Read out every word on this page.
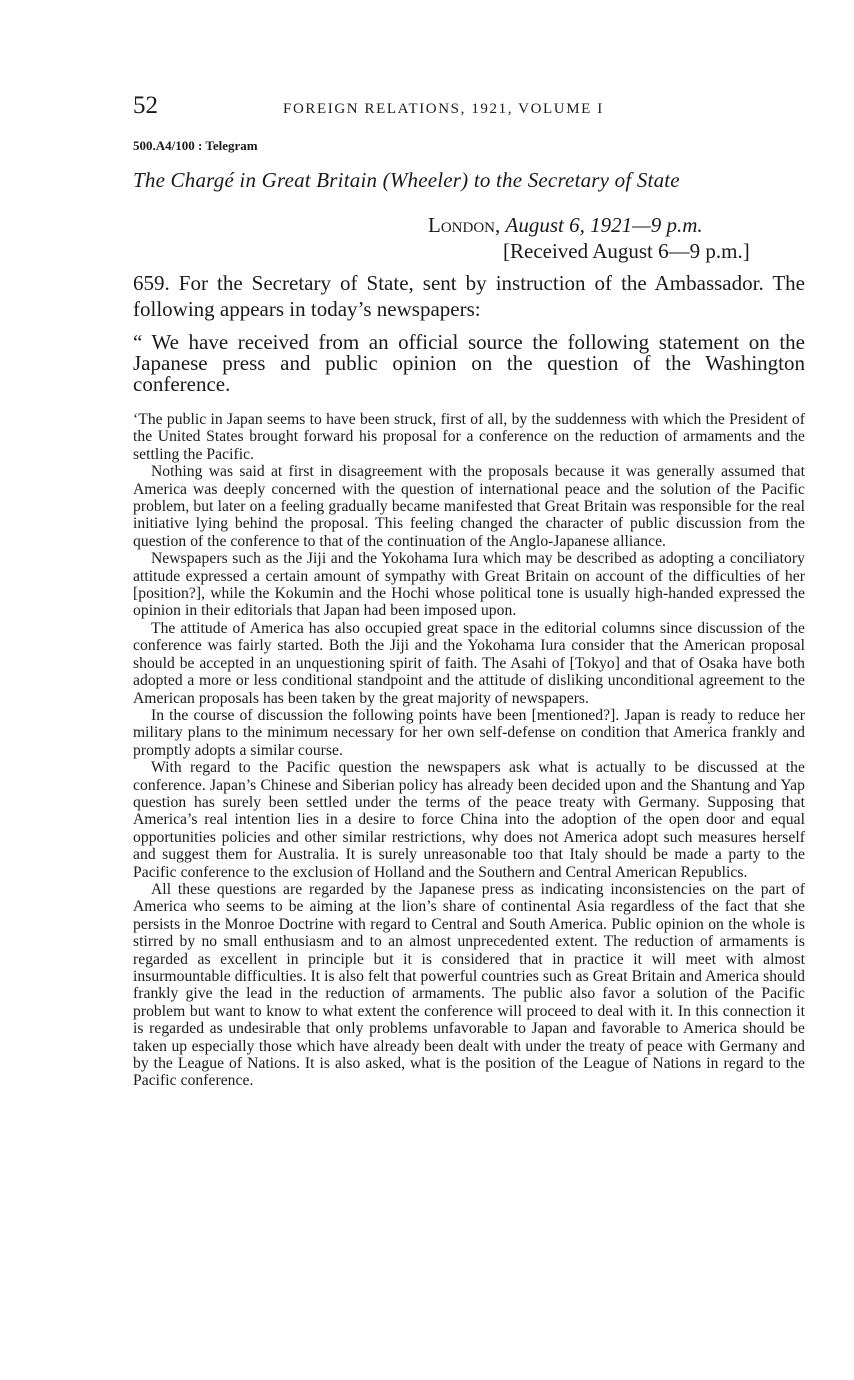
52	FOREIGN RELATIONS, 1921, VOLUME I
500.A4/100 : Telegram
The Chargé in Great Britain (Wheeler) to the Secretary of State
London, August 6, 1921—9 p.m.
[Received August 6—9 p.m.]

659. For the Secretary of State, sent by instruction of the Ambassador. The following appears in today’s newspapers:

“ We have received from an official source the following statement on the Japanese press and public opinion on the question of the Washington conference.

‘The public in Japan seems to have been struck, first of all, by the suddenness with which the President of the United States brought forward his proposal for a conference on the reduction of armaments and the settling the Pacific.

Nothing was said at first in disagreement with the proposals because it was generally assumed that America was deeply concerned with the question of international peace and the solution of the Pacific problem, but later on a feeling gradually became manifested that Great Britain was responsible for the real initiative lying behind the proposal. This feeling changed the character of public discussion from the question of the conference to that of the continuation of the Anglo-Japanese alliance.

Newspapers such as the Jiji and the Yokohama Iura which may be described as adopting a conciliatory attitude expressed a certain amount of sympathy with Great Britain on account of the difficulties of her [position?], while the Kokumin and the Hochi whose political tone is usually high-handed expressed the opinion in their editorials that Japan had been imposed upon.

The attitude of America has also occupied great space in the editorial columns since discussion of the conference was fairly started. Both the Jiji and the Yokohama Iura consider that the American proposal should be accepted in an unquestioning spirit of faith. The Asahi of [Tokyo] and that of Osaka have both adopted a more or less conditional standpoint and the attitude of disliking unconditional agreement to the American proposals has been taken by the great majority of newspapers.

In the course of discussion the following points have been [mentioned?]. Japan is ready to reduce her military plans to the minimum necessary for her own self-defense on condition that America frankly and promptly adopts a similar course.

With regard to the Pacific question the newspapers ask what is actually to be discussed at the conference. Japan’s Chinese and Siberian policy has already been decided upon and the Shantung and Yap question has surely been settled under the terms of the peace treaty with Germany. Supposing that America’s real intention lies in a desire to force China into the adoption of the open door and equal opportunities policies and other similar restrictions, why does not America adopt such measures herself and suggest them for Australia. It is surely unreasonable too that Italy should be made a party to the Pacific conference to the exclusion of Holland and the Southern and Central American Republics.

All these questions are regarded by the Japanese press as indicating inconsistencies on the part of America who seems to be aiming at the lion’s share of continental Asia regardless of the fact that she persists in the Monroe Doctrine with regard to Central and South America. Public opinion on the whole is stirred by no small enthusiasm and to an almost unprecedented extent. The reduction of armaments is regarded as excellent in principle but it is considered that in practice it will meet with almost insurmountable difficulties. It is also felt that powerful countries such as Great Britain and America should frankly give the lead in the reduction of armaments. The public also favor a solution of the Pacific problem but want to know to what extent the conference will proceed to deal with it. In this connection it is regarded as undesirable that only problems unfavorable to Japan and favorable to America should be taken up especially those which have already been dealt with under the treaty of peace with Germany and by the League of Nations. It is also asked, what is the position of the League of Nations in regard to the Pacific conference.
